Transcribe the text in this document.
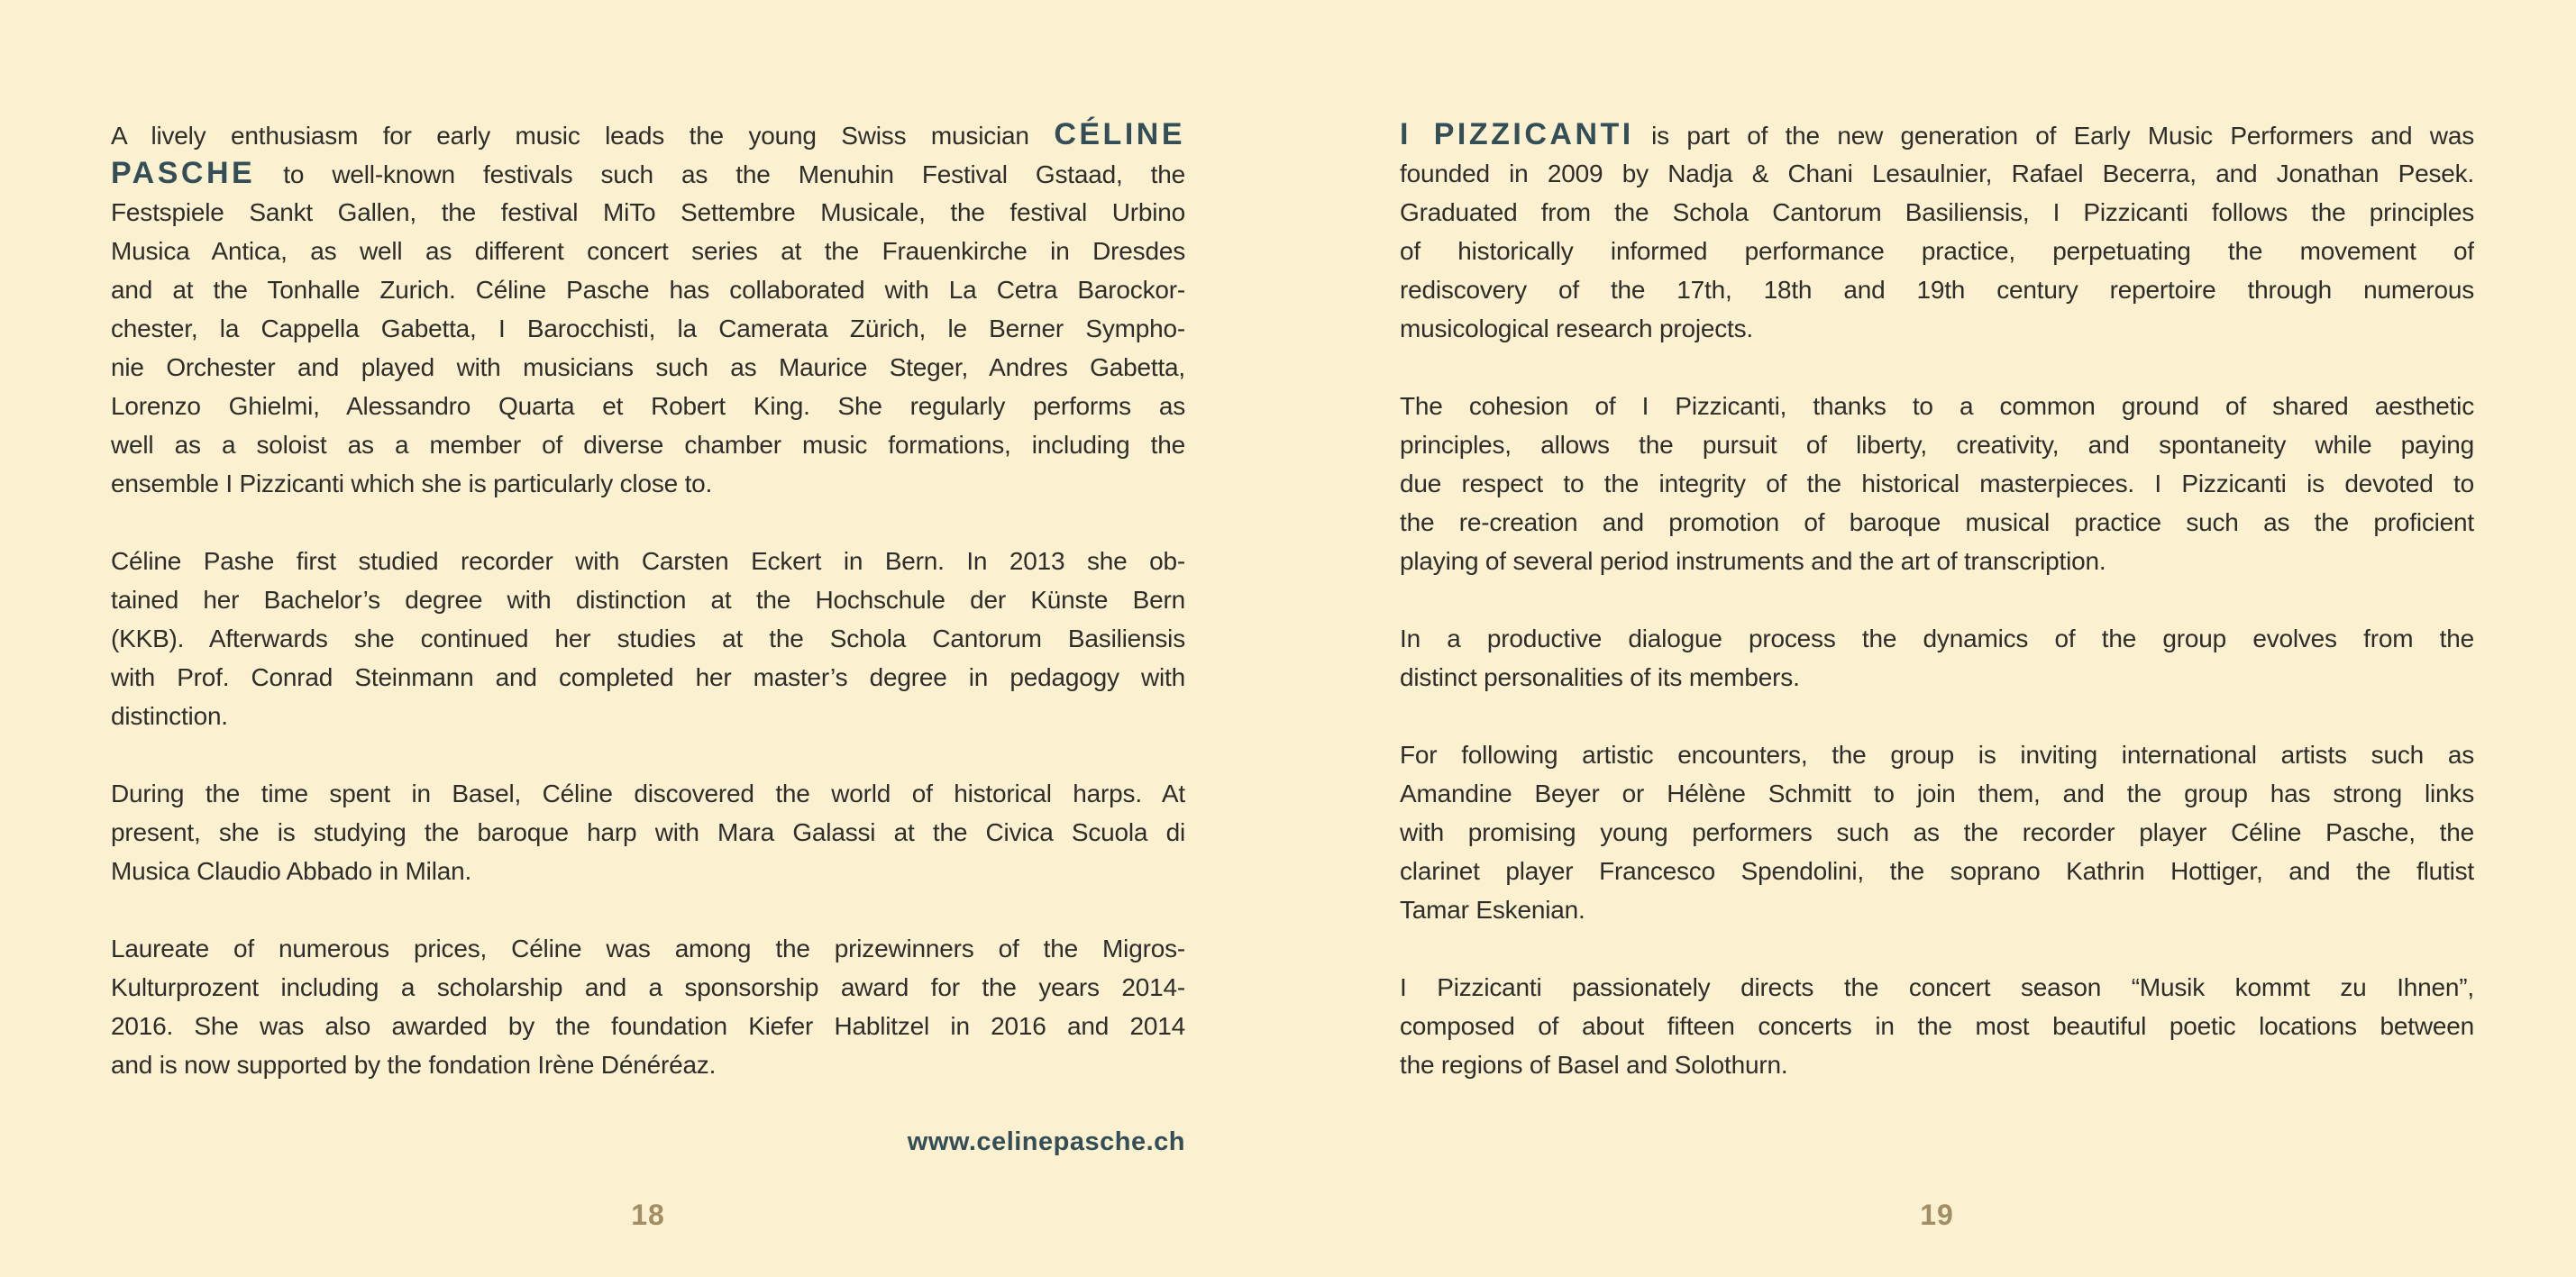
A lively enthusiasm for early music leads the young Swiss musician CÉLINE
PASCHE to well-known festivals such as the Menuhin Festival Gstaad, the
Festspiele Sankt Gallen, the festival MiTo Settembre Musicale, the festival Urbino
Musica Antica, as well as different concert series at the Frauenkirche in Dresdes
and at the Tonhalle Zurich. Céline Pasche has collaborated with La Cetra Barockor-
chester, la Cappella Gabetta, I Barocchisti, la Camerata Zürich, le Berner Sympho-
nie Orchester and played with musicians such as Maurice Steger, Andres Gabetta,
Lorenzo Ghielmi, Alessandro Quarta et Robert King. She regularly performs as
well as a soloist as a member of diverse chamber music formations, including the
ensemble I Pizzicanti which she is particularly close to.
Céline Pashe first studied recorder with Carsten Eckert in Bern. In 2013 she ob-
tained her Bachelor’s degree with distinction at the Hochschule der Künste Bern
(KKB). Afterwards she continued her studies at the Schola Cantorum Basiliensis
with Prof. Conrad Steinmann and completed her master’s degree in pedagogy with
distinction.
During the time spent in Basel, Céline discovered the world of historical harps. At
present, she is studying the baroque harp with Mara Galassi at the Civica Scuola di
Musica Claudio Abbado in Milan.
Laureate of numerous prices, Céline was among the prizewinners of the Migros-
Kulturprozent including a scholarship and a sponsorship award for the years 2014-
2016. She was also awarded by the foundation Kiefer Hablitzel in 2016 and 2014
and is now supported by the fondation Irène Dénéréaz.
www.celinepasche.ch
18
I PIZZICANTI is part of the new generation of Early Music Performers and was
founded in 2009 by Nadja & Chani Lesaulnier, Rafael Becerra, and Jonathan Pesek.
Graduated from the Schola Cantorum Basiliensis, I Pizzicanti follows the principles
of historically informed performance practice, perpetuating the movement of
rediscovery of the 17th, 18th and 19th century repertoire through numerous
musicological research projects.
The cohesion of I Pizzicanti, thanks to a common ground of shared aesthetic
principles, allows the pursuit of liberty, creativity, and spontaneity while paying
due respect to the integrity of the historical masterpieces. I Pizzicanti is devoted to
the re-creation and promotion of baroque musical practice such as the proficient
playing of several period instruments and the art of transcription.
In a productive dialogue process the dynamics of the group evolves from the
distinct personalities of its members.
For following artistic encounters, the group is inviting international artists such as
Amandine Beyer or Hélène Schmitt to join them, and the group has strong links
with promising young performers such as the recorder player Céline Pasche, the
clarinet player Francesco Spendolini, the soprano Kathrin Hottiger, and the flutist
Tamar Eskenian.
I Pizzicanti passionately directs the concert season “Musik kommt zu Ihnen”,
composed of about fifteen concerts in the most beautiful poetic locations between
the regions of Basel and Solothurn.
19
